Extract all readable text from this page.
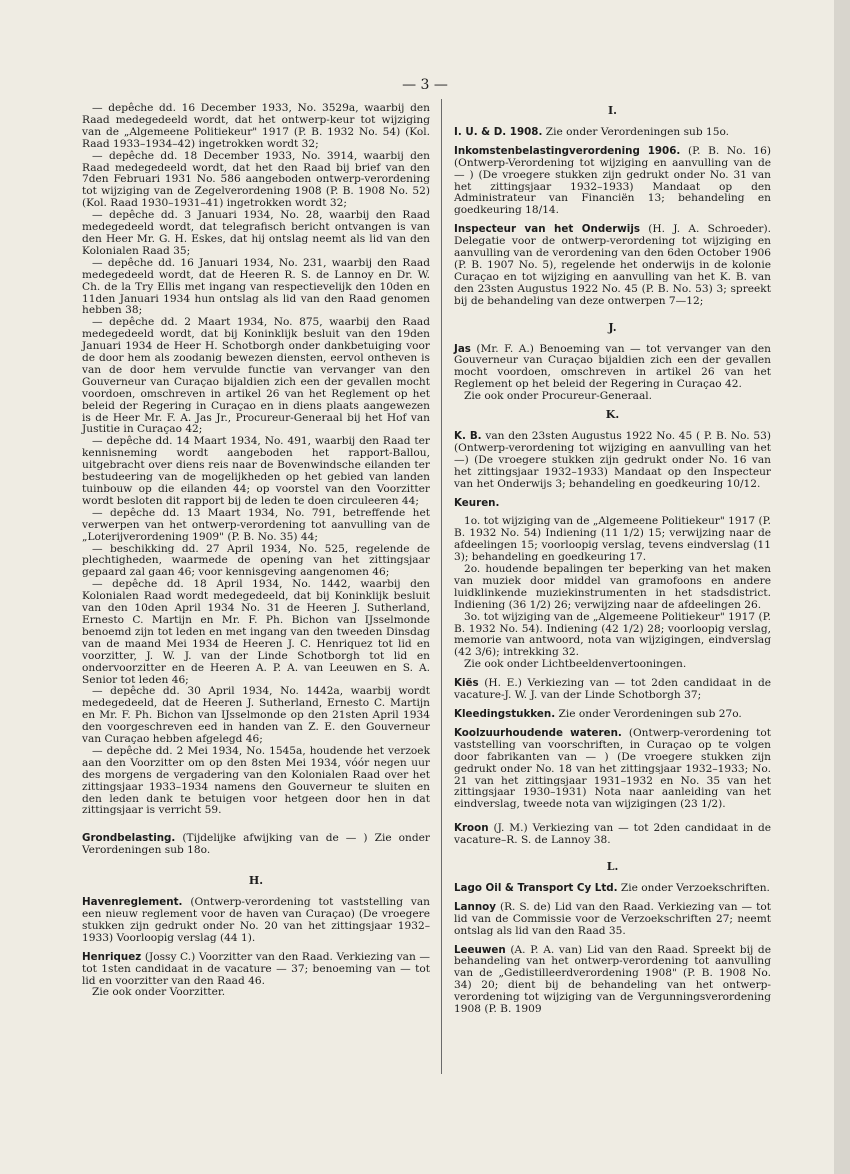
— 3 —

— depêche dd. 16 December 1933, No. 3529a, waarbij den Raad medegedeeld wordt, dat het ontwerp-keur tot wijziging van de „Algemeene Politiekeur" 1917 (P. B. 1932 No. 54) (Kol. Raad 1933–1934–42) ingetrokken wordt 32;

— depêche dd. 18 December 1933, No. 3914, waarbij den Raad medegedeeld wordt, dat het den Raad bij brief van den 7den Februari 1931 No. 586 aangeboden ontwerp-verordening tot wijziging van de Zegelverordening 1908 (P. B. 1908 No. 52) (Kol. Raad 1930–1931–41) ingetrokken wordt 32;

— depêche dd. 3 Januari 1934, No. 28, waarbij den Raad medegedeeld wordt, dat telegrafisch bericht ontvangen is van den Heer Mr. G. H. Eskes, dat hij ontslag neemt als lid van den Kolonialen Raad 35;

— depêche dd. 16 Januari 1934, No. 231, waarbij den Raad medegedeeld wordt, dat de Heeren R. S. de Lannoy en Dr. W. Ch. de la Try Ellis met ingang van respectievelijk den 10den en 11den Januari 1934 hun ontslag als lid van den Raad genomen hebben 38;

— depêche dd. 2 Maart 1934, No. 875, waarbij den Raad medegedeeld wordt, dat bij Koninklijk besluit van den 19den Januari 1934 de Heer H. Schotborgh onder dankbetuiging voor de door hem als zoodanig bewezen diensten, eervol ontheven is van de door hem vervulde functie van vervanger van den Gouverneur van Curaçao bijaldien zich een der gevallen mocht voordoen, omschreven in artikel 26 van het Reglement op het beleid der Regering in Curaçao en in diens plaats aangewezen is de Heer Mr. F. A. Jas Jr., Procureur-Generaal bij het Hof van Justitie in Curaçao 42;

— depêche dd. 14 Maart 1934, No. 491, waarbij den Raad ter kennisneming wordt aangeboden het rapport-Ballou, uitgebracht over diens reis naar de Bovenwindsche eilanden ter bestudeering van de mogelijkheden op het gebied van landen tuinbouw op die eilanden 44; op voorstel van den Voorzitter wordt besloten dit rapport bij de leden te doen circuleeren 44;

— depêche dd. 13 Maart 1934, No. 791, betreffende het verwerpen van het ontwerp-verordening tot aanvulling van de „Loterijverordening 1909" (P. B. No. 35) 44;

— beschikking dd. 27 April 1934, No. 525, regelende de plechtigheden, waarmede de opening van het zittingsjaar gepaard zal gaan 46; voor kennisgeving aangenomen 46;

— depêche dd. 18 April 1934, No. 1442, waarbij den Kolonialen Raad wordt medegedeeld, dat bij Koninklijk besluit van den 10den April 1934 No. 31 de Heeren J. Sutherland, Ernesto C. Martijn en Mr. F. Ph. Bichon van IJsselmonde benoemd zijn tot leden en met ingang van den tweeden Dinsdag van de maand Mei 1934 de Heeren J. C. Henriquez tot lid en voorzitter, J. W. J. van der Linde Schotborgh tot lid en ondervoorzitter en de Heeren A. P. A. van Leeuwen en S. A. Senior tot leden 46;

— depêche dd. 30 April 1934, No. 1442a, waarbij wordt medegedeeld, dat de Heeren J. Sutherland, Ernesto C. Martijn en Mr. F. Ph. Bichon van IJsselmonde op den 21sten April 1934 den voorgeschreven eed in handen van Z. E. den Gouverneur van Curaçao hebben afgelegd 46;

— depêche dd. 2 Mei 1934, No. 1545a, houdende het verzoek aan den Voorzitter om op den 8sten Mei 1934, vóór negen uur des morgens de vergadering van den Kolonialen Raad over het zittingsjaar 1933–1934 namens den Gouverneur te sluiten en den leden dank te betuigen voor hetgeen door hen in dat zittingsjaar is verricht 59.

Grondbelasting. (Tijdelijke afwijking van de — ) Zie onder Verordeningen sub 18o.
H.
Havenreglement. (Ontwerp-verordening tot vaststelling van een nieuw reglement voor de haven van Curaçao) (De vroegere stukken zijn gedrukt onder No. 20 van het zittingsjaar 1932–1933) Voorloopig verslag (44 1).
Henriquez (Jossy C.) Voorzitter van den Raad. Verkiezing van — tot 1sten candidaat in de vacature — 37; benoeming van — tot lid en voorzitter van den Raad 46.
Zie ook onder Voorzitter.
I.
I. U. & D. 1908. Zie onder Verordeningen sub 15o.
Inkomstenbelastingverordening 1906. (P. B. No. 16) (Ontwerp-Verordening tot wijziging en aanvulling van de — ) (De vroegere stukken zijn gedrukt onder No. 31 van het zittingsjaar 1932–1933) Mandaat op den Administrateur van Financiën 13; behandeling en goedkeuring 18/14.
Inspecteur van het Onderwijs (H. J. A. Schroeder). Delegatie voor de ontwerp-verordening tot wijziging en aanvulling van de verordening van den 6den October 1906 (P. B. 1907 No. 5), regelende het onderwijs in de kolonie Curaçao en tot wijziging en aanvulling van het K. B. van den 23sten Augustus 1922 No. 45 (P. B. No. 53) 3; spreekt bij de behandeling van deze ontwerpen 7—12;
J.
Jas (Mr. F. A.) Benoeming van — tot vervanger van den Gouverneur van Curaçao bijaldien zich een der gevallen mocht voordoen, omschreven in artikel 26 van het Reglement op het beleid der Regering in Curaçao 42.
Zie ook onder Procureur-Generaal.
K.
K. B. van den 23sten Augustus 1922 No. 45 ( P. B. No. 53) (Ontwerp-verordening tot wijziging en aanvulling van het —) (De vroegere stukken zijn gedrukt onder No. 16 van het zittingsjaar 1932–1933) Mandaat op den Inspecteur van het Onderwijs 3; behandeling en goedkeuring 10/12.
Keuren.

1o. tot wijziging van de „Algemeene Politiekeur" 1917 (P. B. 1932 No. 54) Indiening (11 1/2) 15; verwijzing naar de afdeelingen 15; voorloopig verslag, tevens eindverslag (11 3); behandeling en goedkeuring 17.

2o. houdende bepalingen ter beperking van het maken van muziek door middel van gramofoons en andere luidklinkende muziekinstrumenten in het stadsdistrict. Indiening (36 1/2) 26; verwijzing naar de afdeelingen 26.

3o. tot wijziging van de „Algemeene Politiekeur" 1917 (P. B. 1932 No. 54). Indiening (42 1/2) 28; voorloopig verslag, memorie van antwoord, nota van wijzigingen, eindverslag (42 3/6); intrekking 32.

Zie ook onder Lichtbeeldenvertooningen.

Kiës (H. E.) Verkiezing van — tot 2den candidaat in de vacature-J. W. J. van der Linde Schotborgh 37;
Kleedingstukken. Zie onder Verordeningen sub 27o.
Koolzuurhoudende wateren. (Ontwerp-verordening tot vaststelling van voorschriften, in Curaçao op te volgen door fabrikanten van — ) (De vroegere stukken zijn gedrukt onder No. 18 van het zittingsjaar 1932–1933; No. 21 van het zittingsjaar 1931–1932 en No. 35 van het zittingsjaar 1930–1931) Nota naar aanleiding van het eindverslag, tweede nota van wijzigingen (23 1/2).
Kroon (J. M.) Verkiezing van — tot 2den candidaat in de vacature–R. S. de Lannoy 38.
L.
Lago Oil & Transport Cy Ltd. Zie onder Verzoekschriften.
Lannoy (R. S. de) Lid van den Raad. Verkiezing van — tot lid van de Commissie voor de Verzoekschriften 27; neemt ontslag als lid van den Raad 35.
Leeuwen (A. P. A. van) Lid van den Raad. Spreekt bij de behandeling van het ontwerp-verordening tot aanvulling van de „Gedistilleerdverordening 1908" (P. B. 1908 No. 34) 20; dient bij de behandeling van het ontwerp-verordening tot wijziging van de Vergunningsverordening 1908 (P. B. 1909
